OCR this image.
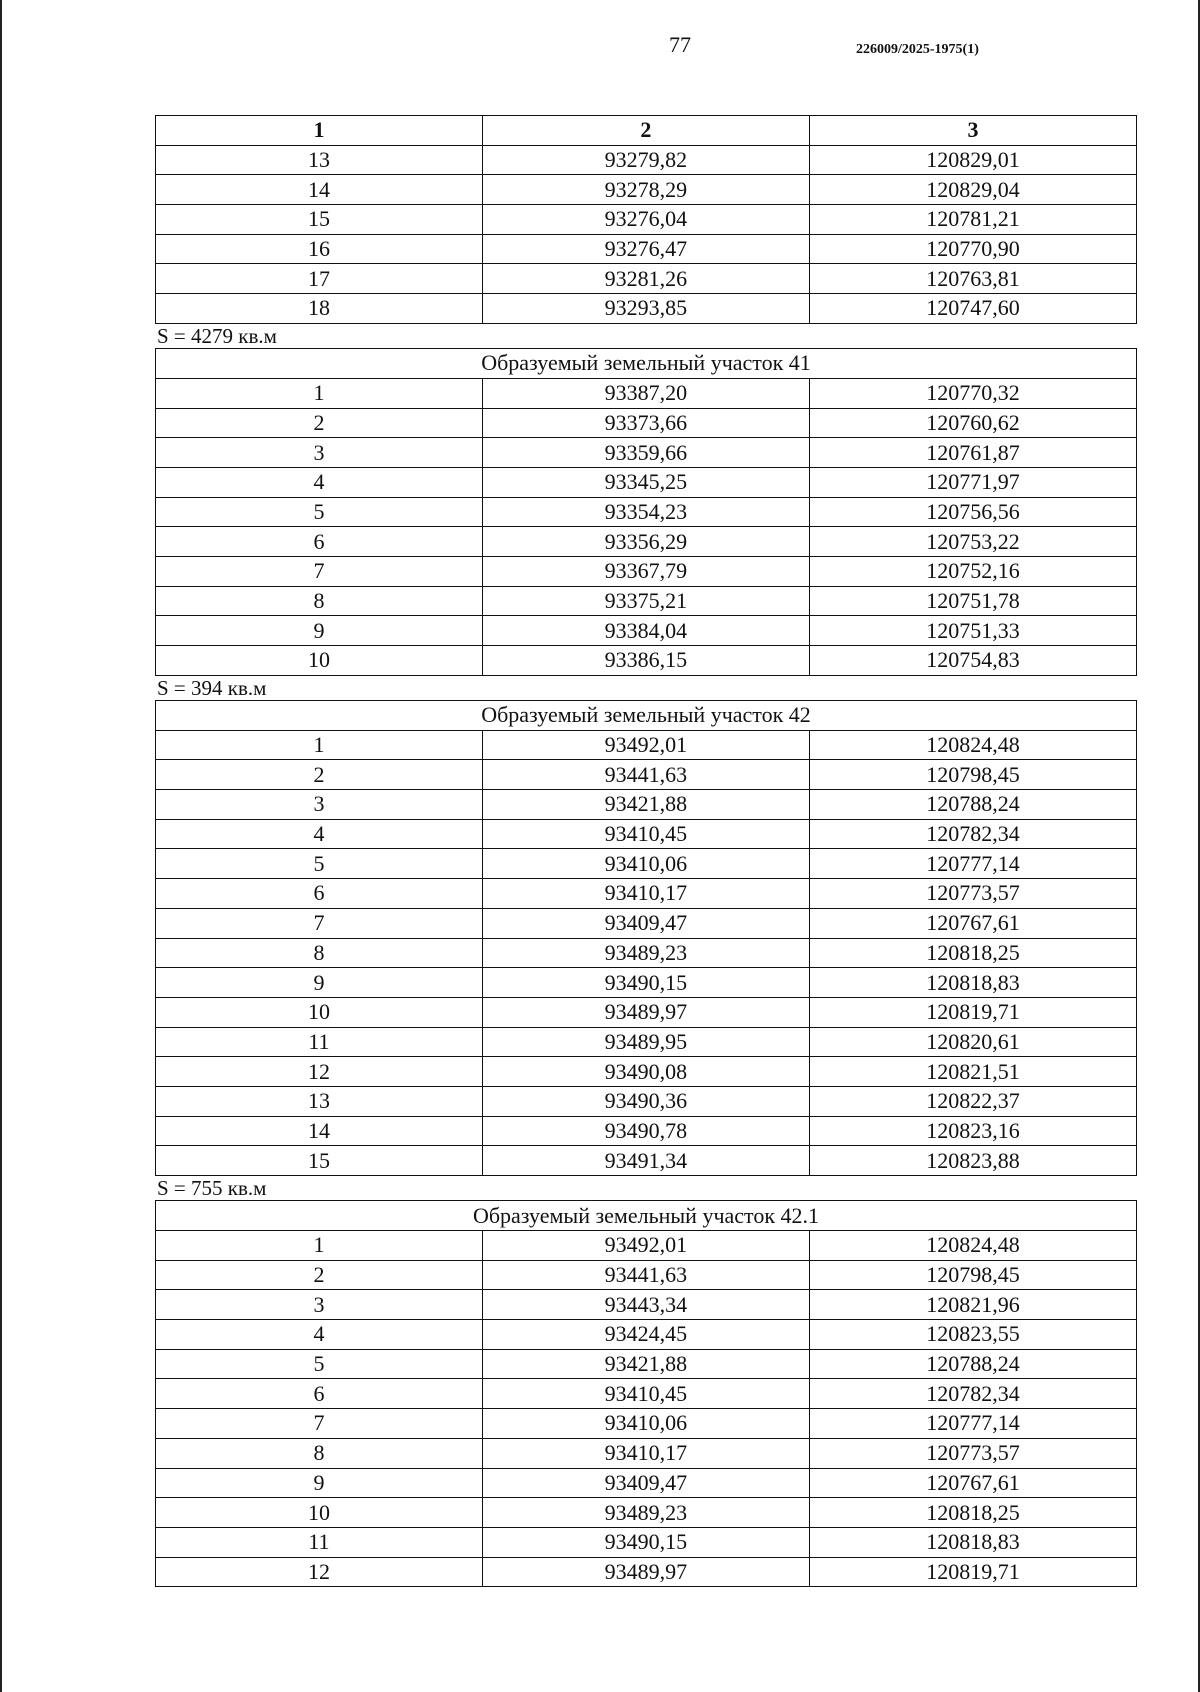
77	226009/2025-1975(1)
1	2	3
13	93279,82	120829,01
14	93278,29	120829,04
15	93276,04	120781,21
16	93276,47	120770,90
17	93281,26	120763,81
18	93293,85	120747,60
S = 4279 кв.м
Образуемый земельный участок 41		
1	93387,20	120770,32
2	93373,66	120760,62
3	93359,66	120761,87
4	93345,25	120771,97
5	93354,23	120756,56
6	93356,29	120753,22
7	93367,79	120752,16
8	93375,21	120751,78
9	93384,04	120751,33
10	93386,15	120754,83
S = 394 кв.м
Образуемый земельный участок 42		
1	93492,01	120824,48
2	93441,63	120798,45
3	93421,88	120788,24
4	93410,45	120782,34
5	93410,06	120777,14
6	93410,17	120773,57
7	93409,47	120767,61
8	93489,23	120818,25
9	93490,15	120818,83
10	93489,97	120819,71
11	93489,95	120820,61
12	93490,08	120821,51
13	93490,36	120822,37
14	93490,78	120823,16
15	93491,34	120823,88
S = 755 кв.м
Образуемый земельный участок 42.1		
1	93492,01	120824,48
2	93441,63	120798,45
3	93443,34	120821,96
4	93424,45	120823,55
5	93421,88	120788,24
6	93410,45	120782,34
7	93410,06	120777,14
8	93410,17	120773,57
9	93409,47	120767,61
10	93489,23	120818,25
11	93490,15	120818,83
12	93489,97	120819,71
